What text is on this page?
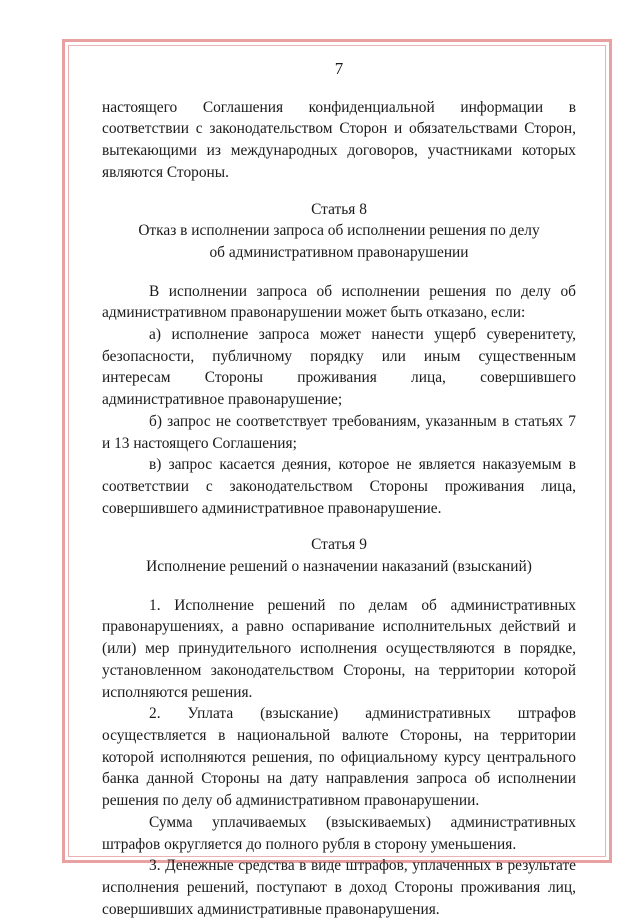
7

настоящего Соглашения конфиденциальной информации в соответствии с законодательством Сторон и обязательствами Сторон, вытекающими из международных договоров, участниками которых являются Стороны.

Статья 8
Отказ в исполнении запроса об исполнении решения по делу
об административном правонарушении

В исполнении запроса об исполнении решения по делу об административном правонарушении может быть отказано, если:

а) исполнение запроса может нанести ущерб суверенитету, безопасности, публичному порядку или иным существенным интересам Стороны проживания лица, совершившего административное правонарушение;

б) запрос не соответствует требованиям, указанным в статьях 7 и 13 настоящего Соглашения;

в) запрос касается деяния, которое не является наказуемым в соответствии с законодательством Стороны проживания лица, совершившего административное правонарушение.

Статья 9
Исполнение решений о назначении наказаний (взысканий)

1. Исполнение решений по делам об административных правонарушениях, а равно оспаривание исполнительных действий и (или) мер принудительного исполнения осуществляются в порядке, установленном законодательством Стороны, на территории которой исполняются решения.

2. Уплата (взыскание) административных штрафов осуществляется в национальной валюте Стороны, на территории которой исполняются решения, по официальному курсу центрального банка данной Стороны на дату направления запроса об исполнении решения по делу об административном правонарушении.

Сумма уплачиваемых (взыскиваемых) административных штрафов округляется до полного рубля в сторону уменьшения.

3. Денежные средства в виде штрафов, уплаченных в результате исполнения решений, поступают в доход Стороны проживания лиц, совершивших административные правонарушения.
